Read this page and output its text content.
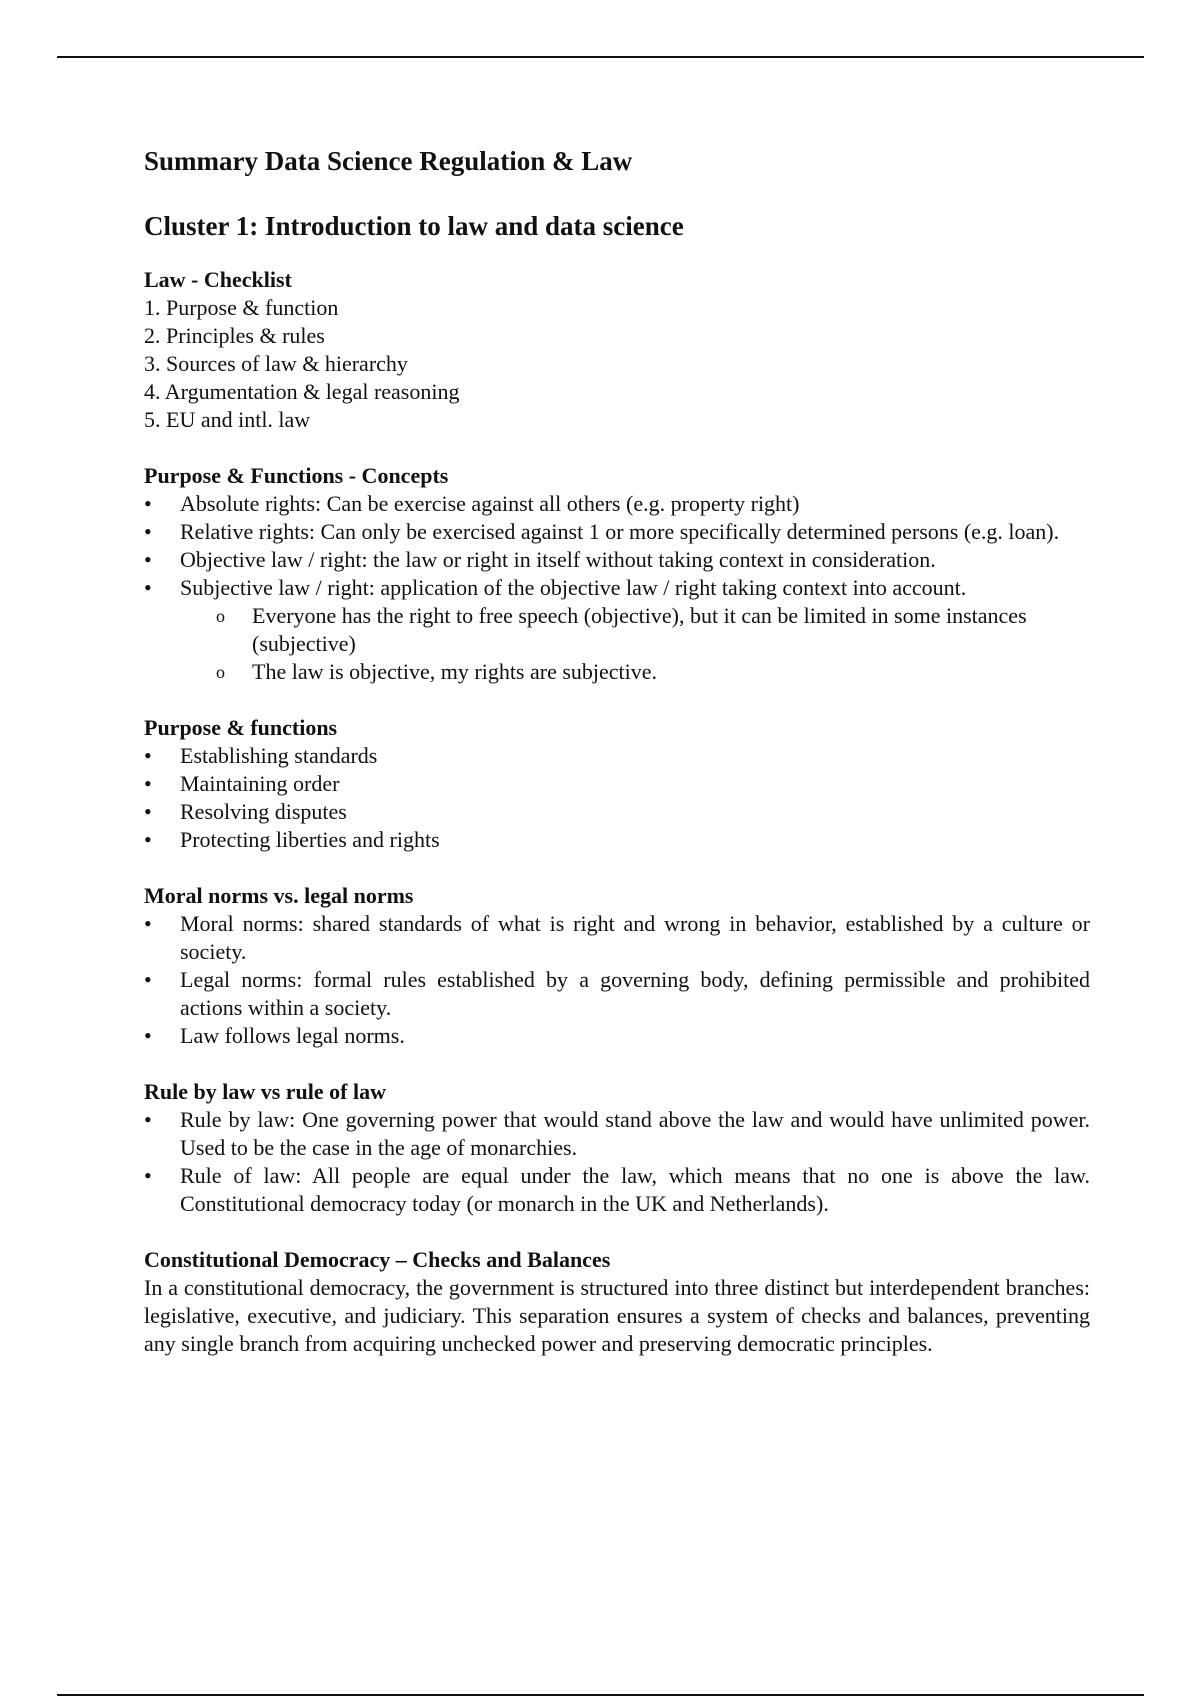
Summary Data Science Regulation & Law
Cluster 1: Introduction to law and data science
Law - Checklist
1. Purpose & function
2. Principles & rules
3. Sources of law & hierarchy
4. Argumentation & legal reasoning
5. EU and intl. law
Purpose & Functions - Concepts
• Absolute rights: Can be exercise against all others (e.g. property right)
• Relative rights: Can only be exercised against 1 or more specifically determined persons (e.g. loan).
• Objective law / right: the law or right in itself without taking context in consideration.
• Subjective law / right: application of the objective law / right taking context into account.
o Everyone has the right to free speech (objective), but it can be limited in some instances (subjective)
o The law is objective, my rights are subjective.
Purpose & functions
• Establishing standards
• Maintaining order
• Resolving disputes
• Protecting liberties and rights
Moral norms vs. legal norms
• Moral norms: shared standards of what is right and wrong in behavior, established by a culture or society.
• Legal norms: formal rules established by a governing body, defining permissible and prohibited actions within a society.
• Law follows legal norms.
Rule by law vs rule of law
• Rule by law: One governing power that would stand above the law and would have unlimited power. Used to be the case in the age of monarchies.
• Rule of law: All people are equal under the law, which means that no one is above the law. Constitutional democracy today (or monarch in the UK and Netherlands).
Constitutional Democracy – Checks and Balances

In a constitutional democracy, the government is structured into three distinct but interdependent branches: legislative, executive, and judiciary. This separation ensures a system of checks and balances, preventing any single branch from acquiring unchecked power and preserving democratic principles.
